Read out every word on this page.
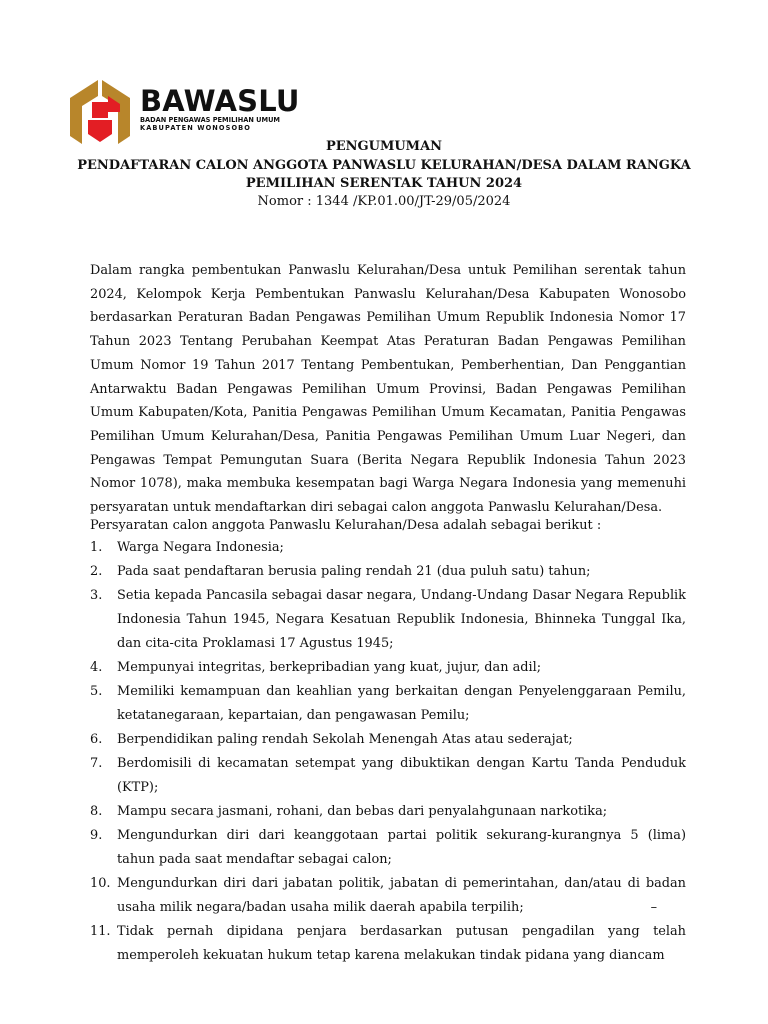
BAWASLU
BADAN PENGAWAS PEMILIHAN UMUM
KABUPATEN WONOSOBO
PENGUMUMAN
PENDAFTARAN CALON ANGGOTA PANWASLU KELURAHAN/DESA DALAM RANGKA
PEMILIHAN SERENTAK TAHUN 2024
Nomor : 1344 /KP.01.00/JT-29/05/2024

Dalam rangka pembentukan Panwaslu Kelurahan/Desa untuk Pemilihan serentak tahun 2024, Kelompok Kerja Pembentukan Panwaslu Kelurahan/Desa Kabupaten Wonosobo berdasarkan Peraturan Badan Pengawas Pemilihan Umum Republik Indonesia Nomor 17 Tahun 2023 Tentang Perubahan Keempat Atas Peraturan Badan Pengawas Pemilihan Umum Nomor 19 Tahun 2017 Tentang Pembentukan, Pemberhentian, Dan Penggantian Antarwaktu Badan Pengawas Pemilihan Umum Provinsi, Badan Pengawas Pemilihan Umum Kabupaten/Kota, Panitia Pengawas Pemilihan Umum Kecamatan, Panitia Pengawas Pemilihan Umum Kelurahan/Desa, Panitia Pengawas Pemilihan Umum Luar Negeri, dan Pengawas Tempat Pemungutan Suara (Berita Negara Republik Indonesia Tahun 2023 Nomor 1078), maka membuka kesempatan bagi Warga Negara Indonesia yang memenuhi persyaratan untuk mendaftarkan diri sebagai calon anggota Panwaslu Kelurahan/Desa.

Persyaratan calon anggota Panwaslu Kelurahan/Desa adalah sebagai berikut :

1.	Warga Negara Indonesia;
2.	Pada saat pendaftaran berusia paling rendah 21 (dua puluh satu) tahun;
3.	Setia kepada Pancasila sebagai dasar negara, Undang-Undang Dasar Negara Republik Indonesia Tahun 1945, Negara Kesatuan Republik Indonesia, Bhinneka Tunggal Ika, dan cita-cita Proklamasi 17 Agustus 1945;
4.	Mempunyai integritas, berkepribadian yang kuat, jujur, dan adil;
5.	Memiliki kemampuan dan keahlian yang berkaitan dengan Penyelenggaraan Pemilu, ketatanegaraan, kepartaian, dan pengawasan Pemilu;
6.	Berpendidikan paling rendah Sekolah Menengah Atas atau sederajat;
7.	Berdomisili di kecamatan setempat yang dibuktikan dengan Kartu Tanda Penduduk (KTP);
8.	Mampu secara jasmani, rohani, dan bebas dari penyalahgunaan narkotika;
9.	Mengundurkan diri dari keanggotaan partai politik sekurang-kurangnya 5 (lima) tahun pada saat mendaftar sebagai calon;
10. Mengundurkan diri dari jabatan politik, jabatan di pemerintahan, dan/atau di badan usaha milik negara/badan usaha milik daerah apabila terpilih;                               –
11. Tidak pernah dipidana penjara berdasarkan putusan pengadilan yang telah memperoleh kekuatan hukum tetap karena melakukan tindak pidana yang diancam
